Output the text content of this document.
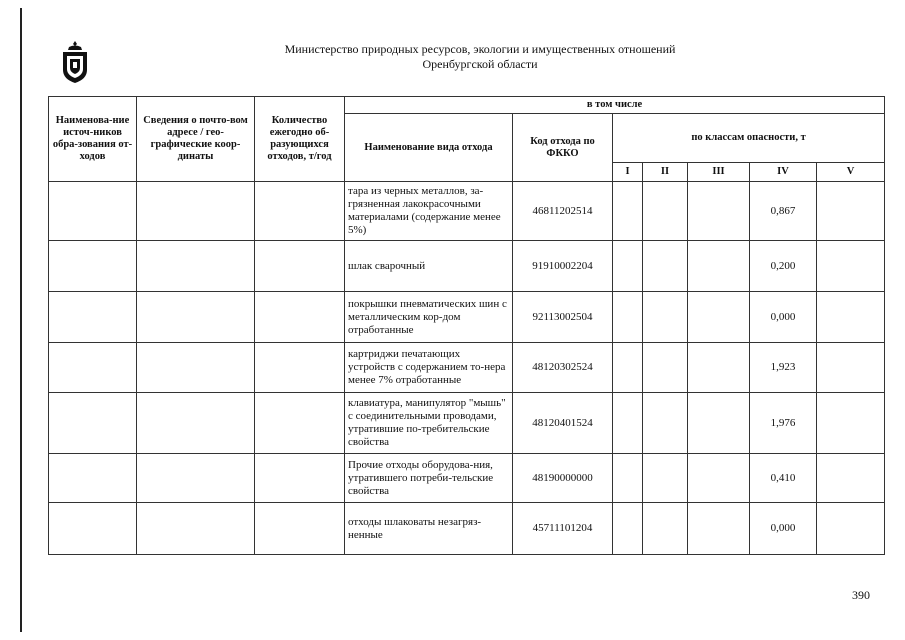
Министерство природных ресурсов, экологии и имущественных отношений
Оренбургской области
Наименова-ние источ-ников обра-зования от-ходов	Сведения о почто-вом адресе / гео-графические коор-динаты	Количество ежегодно об-разующихся отходов, т/год	в том числе						
			Наименование вида отхода	Код отхода по ФККО	по классам опасности, т				
					I	II	III	IV	V
			тара из черных металлов, за-грязненная лакокрасочными материалами (содержание менее 5%)	46811202514				0,867	
			шлак сварочный	91910002204				0,200	
			покрышки пневматических шин с металлическим кор-дом отработанные	92113002504				0,000	
			картриджи печатающих устройств с содержанием то-нера менее 7% отработанные	48120302524				1,923	
			клавиатура, манипулятор "мышь" с соединительными проводами, утратившие по-требительские свойства	48120401524				1,976	
			Прочие отходы оборудова-ния, утратившего потреби-тельские свойства	48190000000				0,410	
			отходы шлаковаты незагряз-ненные	45711101204				0,000	
390
